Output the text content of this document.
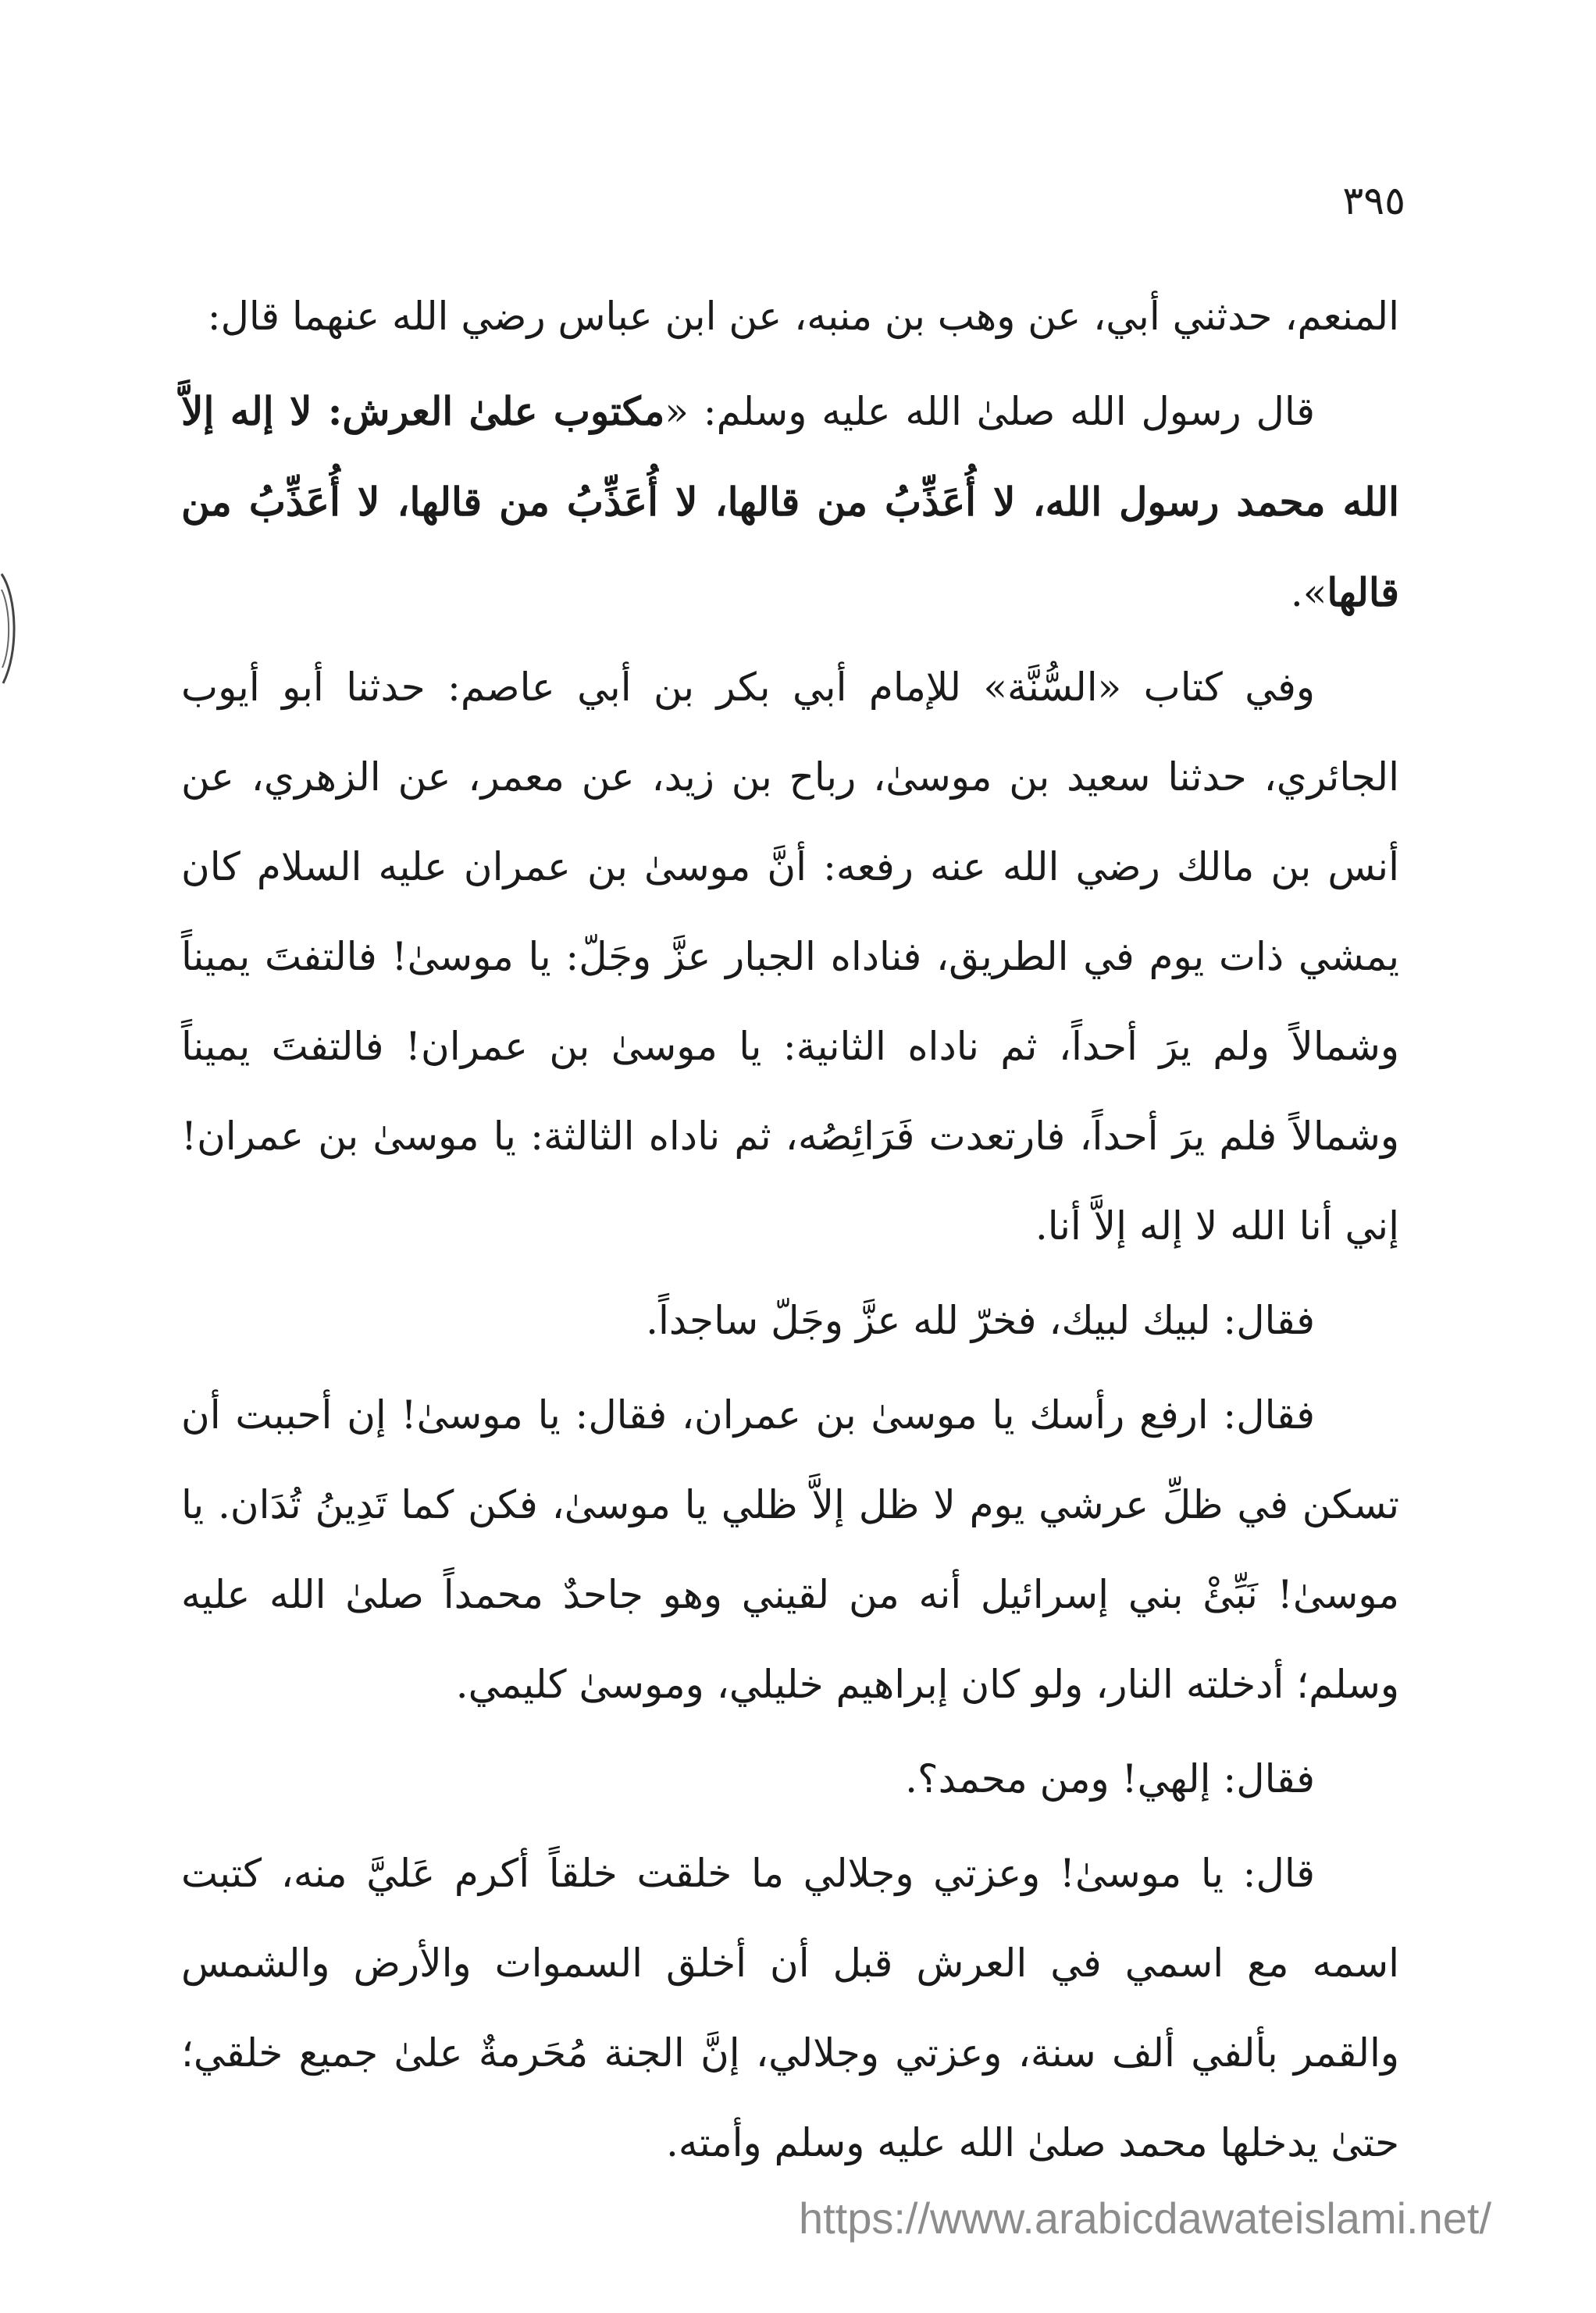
٣٩٥

المنعم، حدثني أبي، عن وهب بن منبه، عن ابن عباس رضي الله عنهما قال:

قال رسول الله صلىٰ الله عليه وسلم: «مكتوب علىٰ العرش: لا إله إلاَّ الله محمد رسول الله، لا أُعَذِّبُ من قالها، لا أُعَذِّبُ من قالها، لا أُعَذِّبُ من قالها».

وفي كتاب «السُّنَّة» للإمام أبي بكر بن أبي عاصم: حدثنا أبو أيوب الجائري، حدثنا سعيد بن موسىٰ، رباح بن زيد، عن معمر، عن الزهري، عن أنس بن مالك رضي الله عنه رفعه: أنَّ موسىٰ بن عمران عليه السلام كان يمشي ذات يوم في الطريق، فناداه الجبار عزَّ وجَلّ: يا موسىٰ! فالتفتَ يميناً وشمالاً ولم يرَ أحداً، ثم ناداه الثانية: يا موسىٰ بن عمران! فالتفتَ يميناً وشمالاً فلم يرَ أحداً، فارتعدت فَرَائِصُه، ثم ناداه الثالثة: يا موسىٰ بن عمران! إني أنا الله لا إله إلاَّ أنا.

فقال: لبيك لبيك، فخرّ لله عزَّ وجَلّ ساجداً.

فقال: ارفع رأسك يا موسىٰ بن عمران، فقال: يا موسىٰ! إن أحببت أن تسكن في ظلِّ عرشي يوم لا ظل إلاَّ ظلي يا موسىٰ، فكن كما تَدِينُ تُدَان. يا موسىٰ! نَبِّئْ بني إسرائيل أنه من لقيني وهو جاحدٌ محمداً صلىٰ الله عليه وسلم؛ أدخلته النار، ولو كان إبراهيم خليلي، وموسىٰ كليمي.

فقال: إلهي! ومن محمد؟.

قال: يا موسىٰ! وعزتي وجلالي ما خلقت خلقاً أكرم عَليَّ منه، كتبت اسمه مع اسمي في العرش قبل أن أخلق السموات والأرض والشمس والقمر بألفي ألف سنة، وعزتي وجلالي، إنَّ الجنة مُحَرمةٌ علىٰ جميع خلقي؛ حتىٰ يدخلها محمد صلىٰ الله عليه وسلم وأمته.

https://www.arabicdawateislami.net/
